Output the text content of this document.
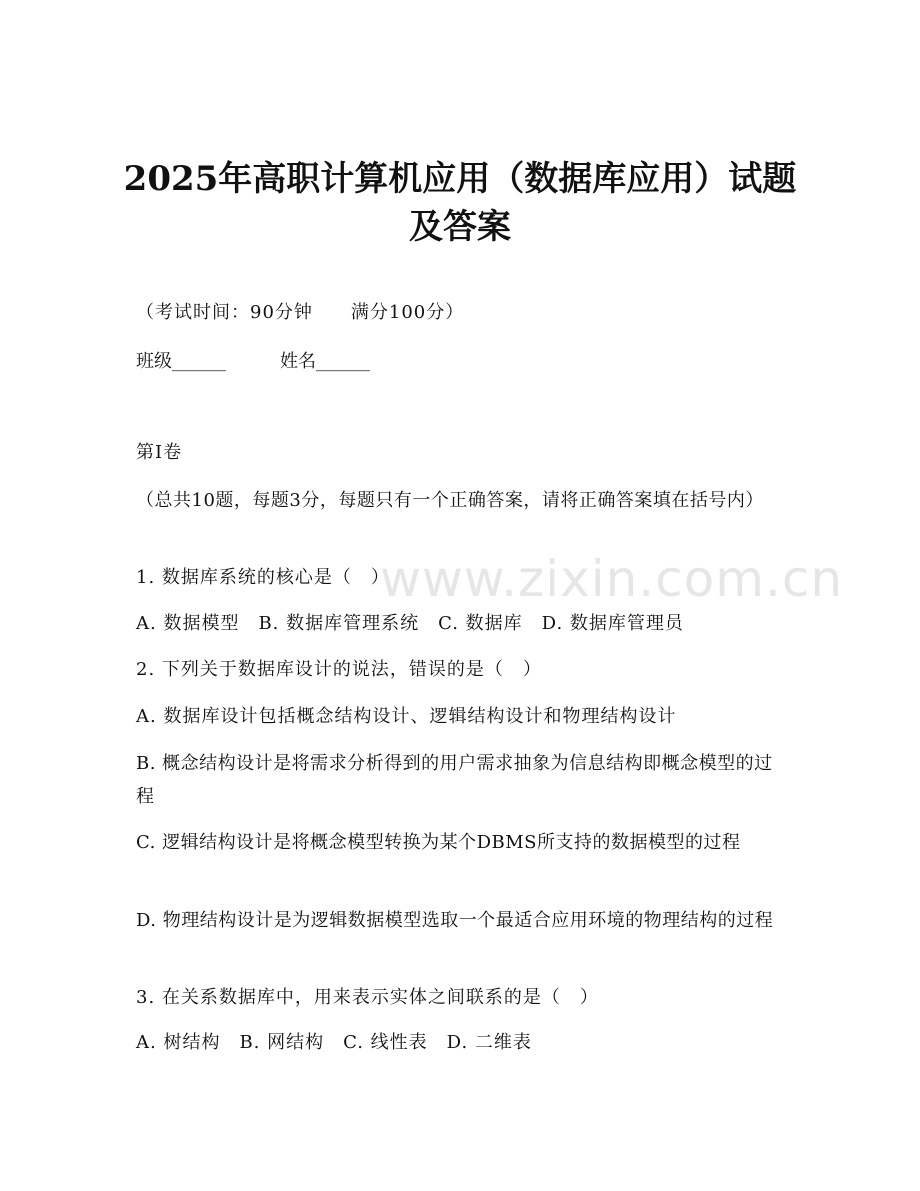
www.zixin.com.cn
2025年高职计算机应用（数据库应用）试题
及答案

（考试时间：90分钟　　满分100分）

班级______	姓名______

第I卷

（总共10题，每题3分，每题只有一个正确答案，请将正确答案填在括号内）

1. 数据库系统的核心是（　）

A. 数据模型　B. 数据库管理系统　C. 数据库　D. 数据库管理员

2. 下列关于数据库设计的说法，错误的是（　）

A. 数据库设计包括概念结构设计、逻辑结构设计和物理结构设计

B. 概念结构设计是将需求分析得到的用户需求抽象为信息结构即概念模型的过程

C. 逻辑结构设计是将概念模型转换为某个DBMS所支持的数据模型的过程

D. 物理结构设计是为逻辑数据模型选取一个最适合应用环境的物理结构的过程

3. 在关系数据库中，用来表示实体之间联系的是（　）

A. 树结构　B. 网结构　C. 线性表　D. 二维表
